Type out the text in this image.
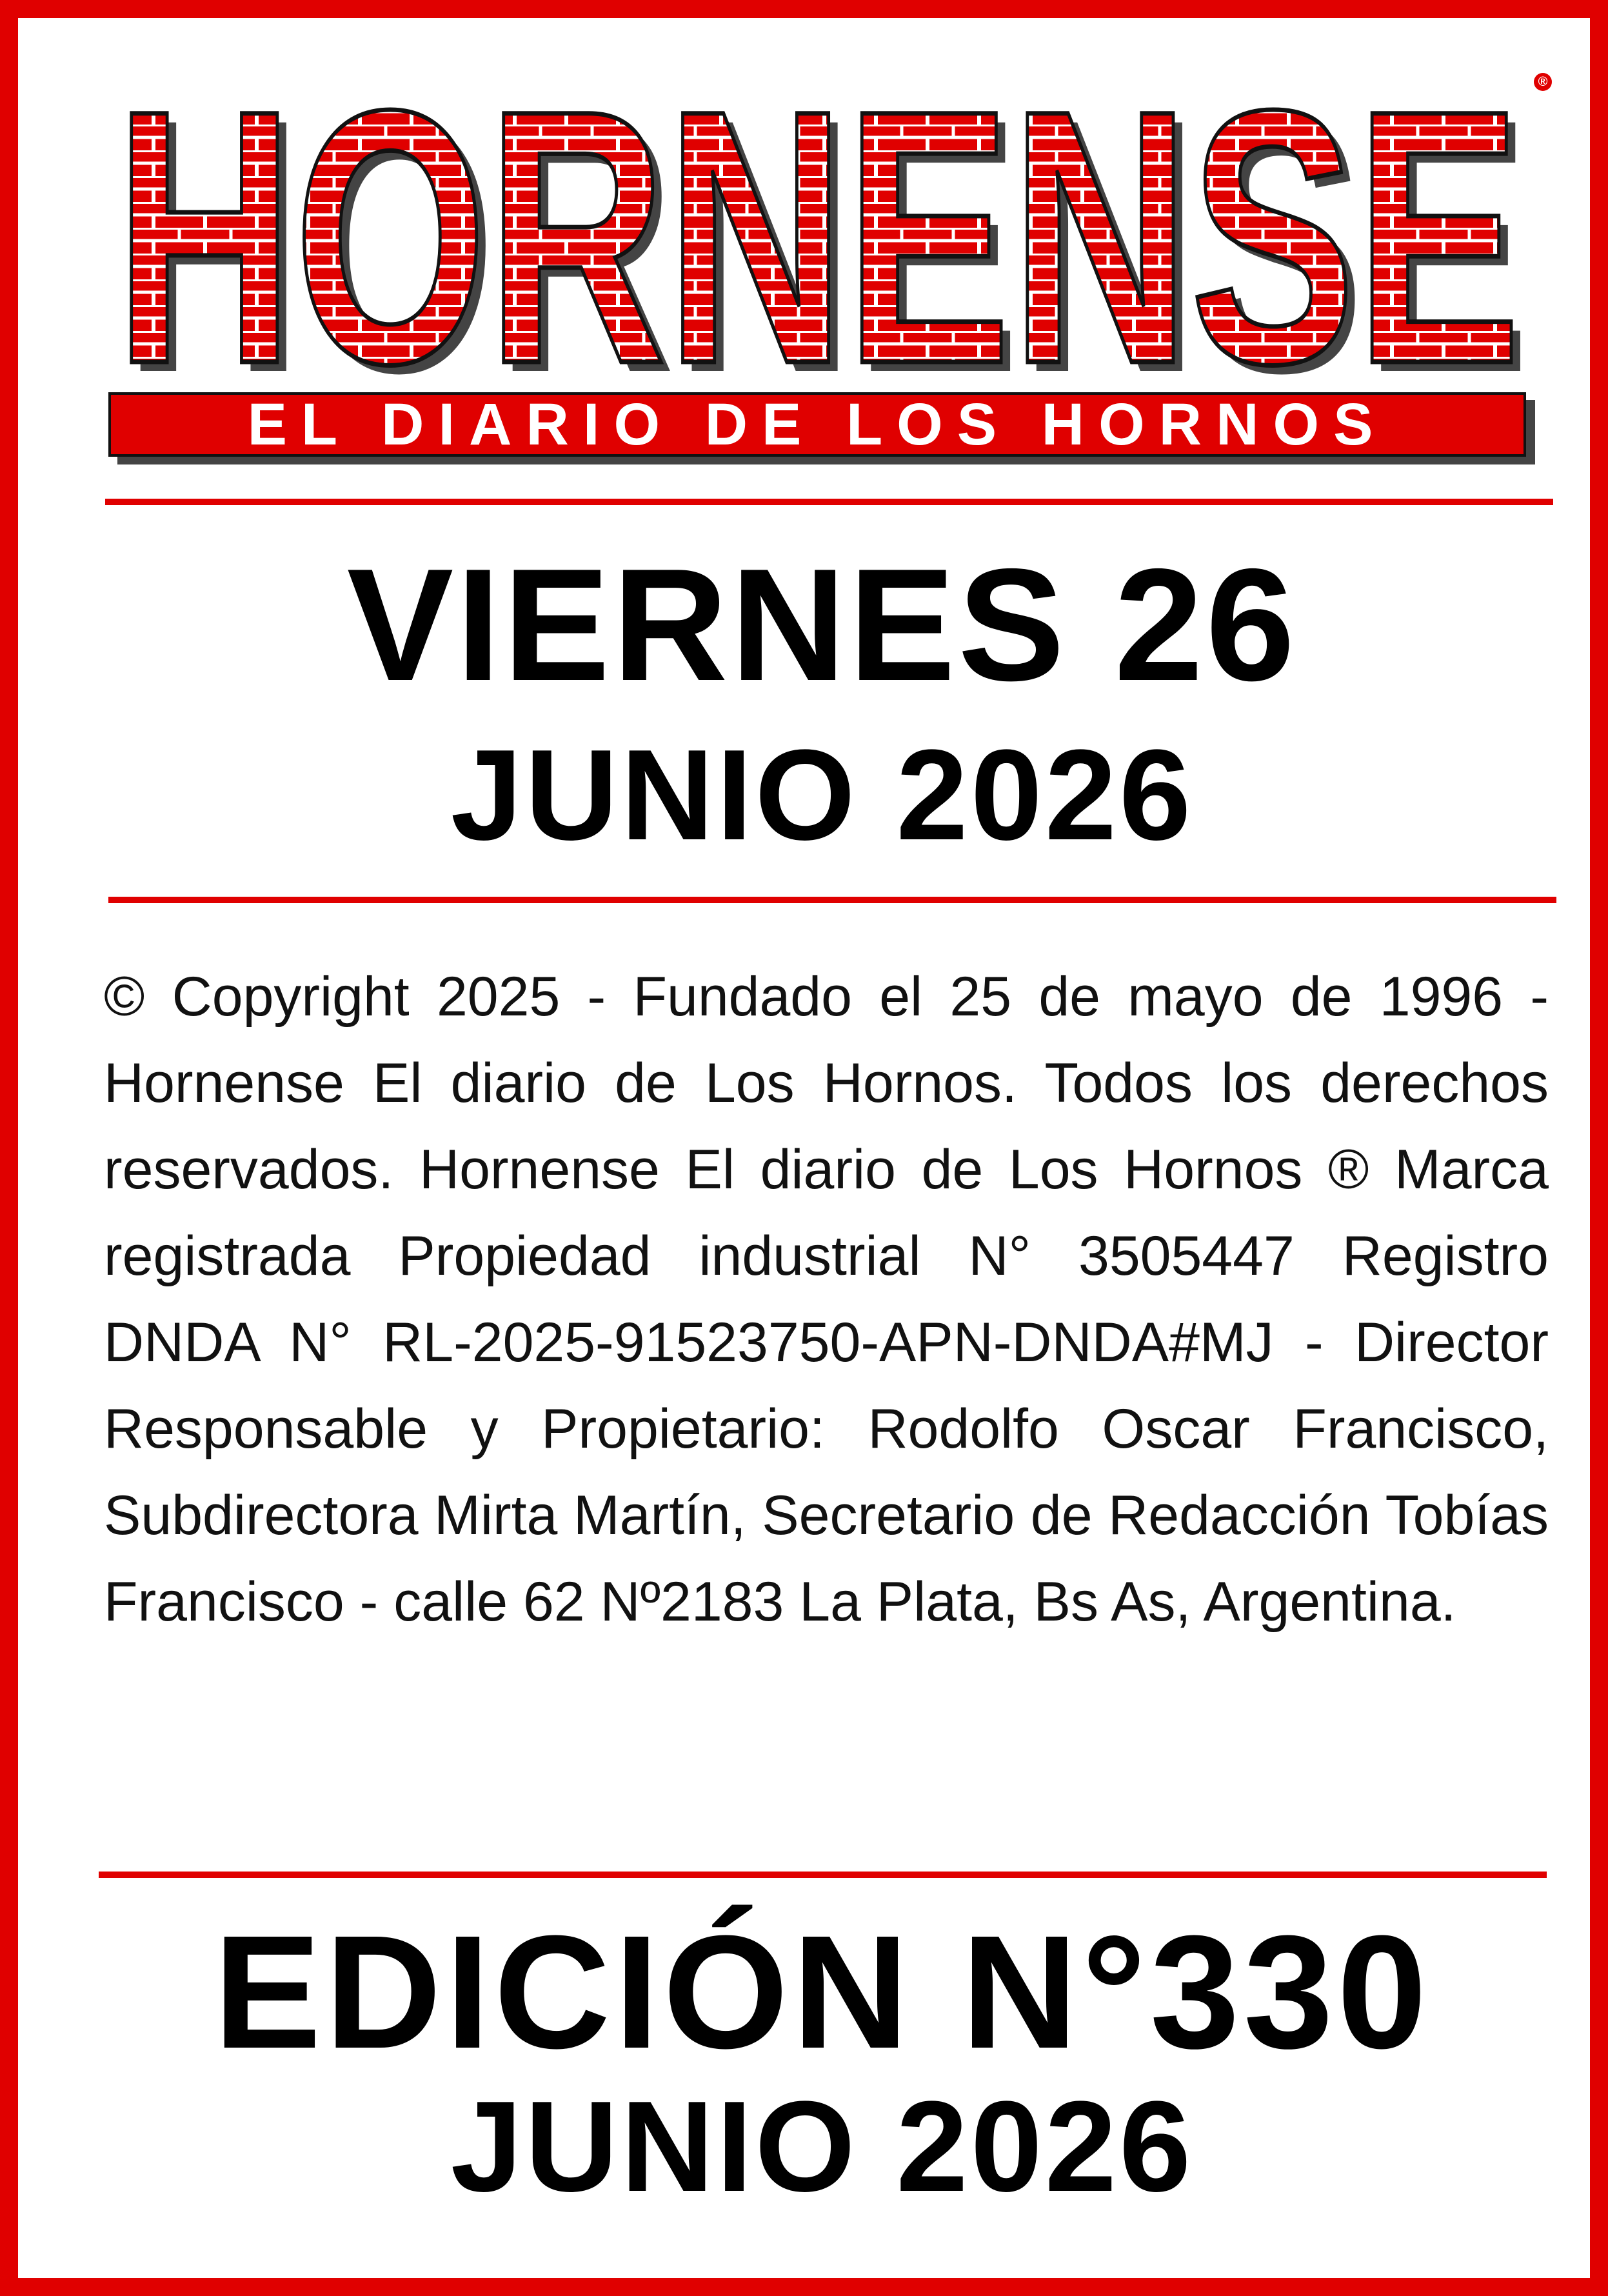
HORNENSE
HORNENSE	®
EL DIARIO DE LOS HORNOS
VIERNES 26
JUNIO 2026
© Copyright 2025 - Fundado el 25 de mayo de 1996 - Hornense El diario de Los Hornos. Todos los derechos reservados. Hornense El diario de Los Hornos ® Marca registrada Propiedad industrial N° 3505447 Registro DNDA N° RL-2025-91523750-APN-DNDA#MJ - Director Responsable y Propietario: Rodolfo Oscar Francisco, Subdirectora Mirta Martín, Secretario de Redacción Tobías Francisco - calle 62 Nº2183 La Plata, Bs As, Argentina.
EDICIÓN N°330
JUNIO 2026
